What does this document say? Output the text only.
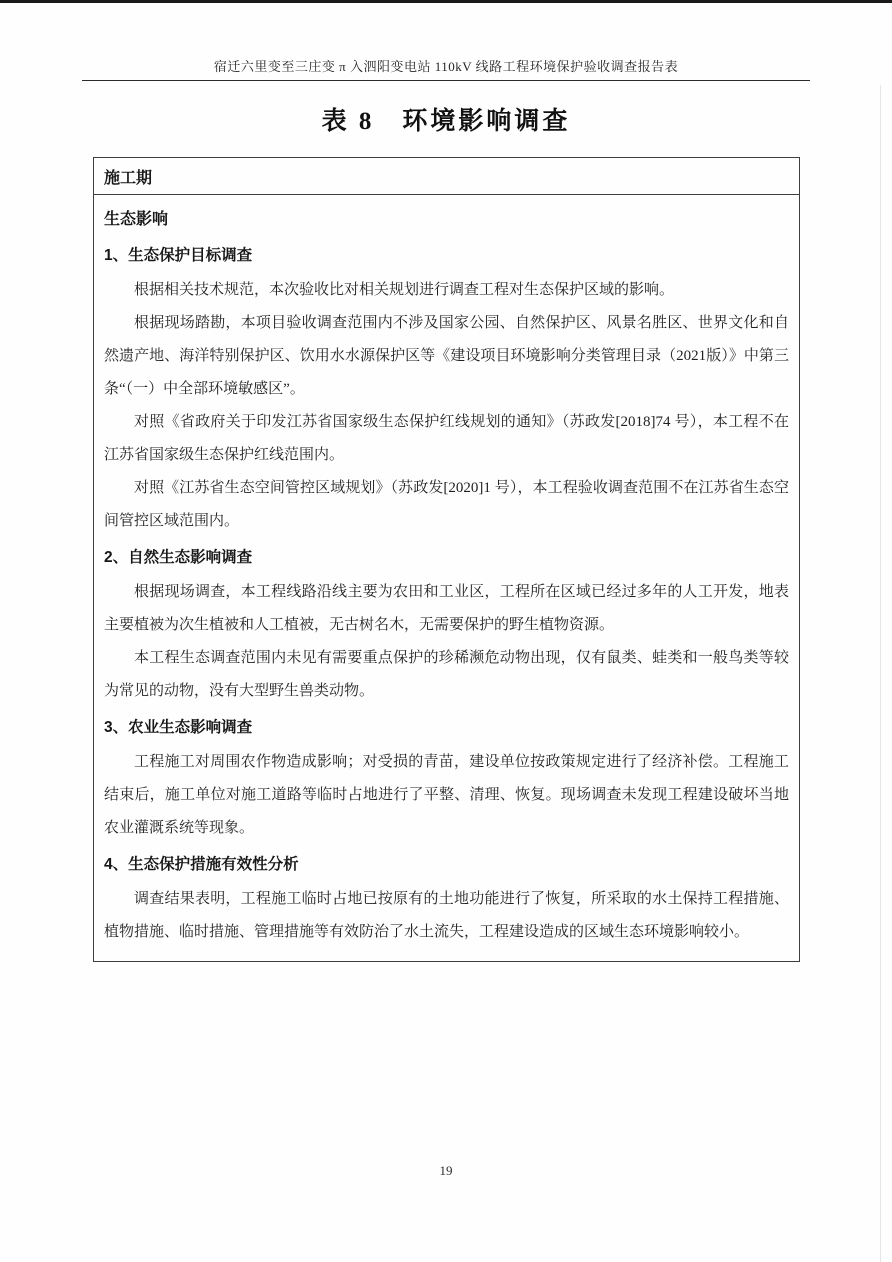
宿迁六里变至三庄变 π 入泗阳变电站 110kV 线路工程环境保护验收调查报告表
表 8　环境影响调查
施工期
生态影响
1、生态保护目标调查

根据相关技术规范，本次验收比对相关规划进行调查工程对生态保护区域的影响。

根据现场踏勘，本项目验收调查范围内不涉及国家公园、自然保护区、风景名胜区、世界文化和自然遗产地、海洋特别保护区、饮用水水源保护区等《建设项目环境影响分类管理目录（2021版）》中第三条“（一）中全部环境敏感区”。

对照《省政府关于印发江苏省国家级生态保护红线规划的通知》（苏政发[2018]74 号），本工程不在江苏省国家级生态保护红线范围内。

对照《江苏省生态空间管控区域规划》（苏政发[2020]1 号），本工程验收调查范围不在江苏省生态空间管控区域范围内。

2、自然生态影响调查

根据现场调查，本工程线路沿线主要为农田和工业区，工程所在区域已经过多年的人工开发，地表主要植被为次生植被和人工植被，无古树名木，无需要保护的野生植物资源。

本工程生态调查范围内未见有需要重点保护的珍稀濒危动物出现，仅有鼠类、蛙类和一般鸟类等较为常见的动物，没有大型野生兽类动物。

3、农业生态影响调查

工程施工对周围农作物造成影响；对受损的青苗，建设单位按政策规定进行了经济补偿。工程施工结束后，施工单位对施工道路等临时占地进行了平整、清理、恢复。现场调查未发现工程建设破坏当地农业灌溉系统等现象。

4、生态保护措施有效性分析

调查结果表明，工程施工临时占地已按原有的土地功能进行了恢复，所采取的水土保持工程措施、植物措施、临时措施、管理措施等有效防治了水土流失，工程建设造成的区域生态环境影响较小。

19
